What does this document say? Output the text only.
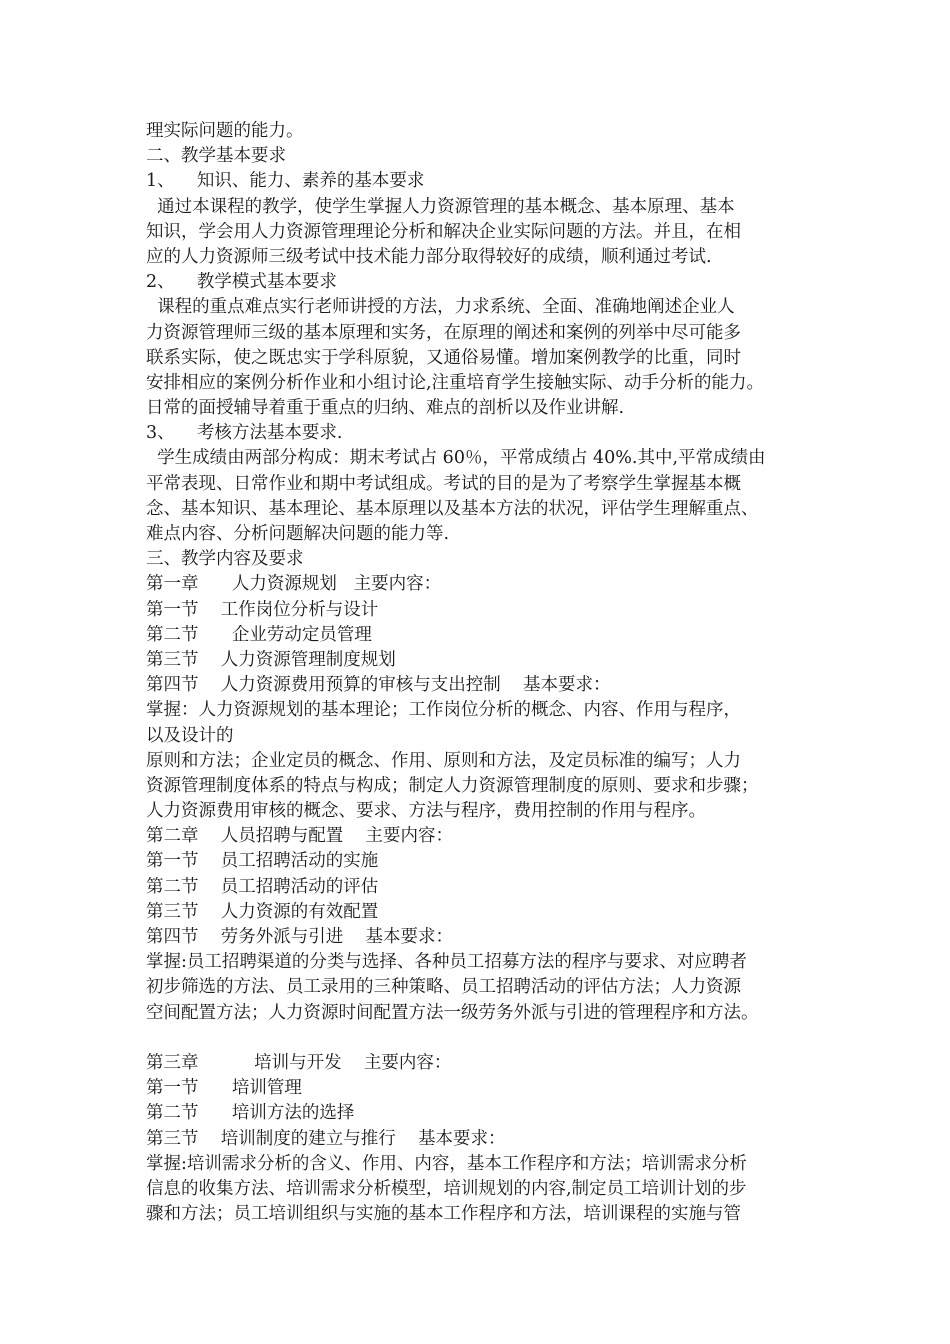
理实际问题的能力。
二、教学基本要求
1、    知识、能力、素养的基本要求
通过本课程的教学，使学生掌握人力资源管理的基本概念、基本原理、基本
知识，学会用人力资源管理理论分析和解决企业实际问题的方法。并且，在相
应的人力资源师三级考试中技术能力部分取得较好的成绩，顺利通过考试.
2、    教学模式基本要求
课程的重点难点实行老师讲授的方法，力求系统、全面、准确地阐述企业人
力资源管理师三级的基本原理和实务，在原理的阐述和案例的列举中尽可能多
联系实际，使之既忠实于学科原貌，又通俗易懂。增加案例教学的比重，同时
安排相应的案例分析作业和小组讨论,注重培育学生接触实际、动手分析的能力。
日常的面授辅导着重于重点的归纳、难点的剖析以及作业讲解.
3、    考核方法基本要求.
学生成绩由两部分构成：期末考试占 60％，平常成绩占 40%.其中,平常成绩由
平常表现、日常作业和期中考试组成。考试的目的是为了考察学生掌握基本概
念、基本知识、基本理论、基本原理以及基本方法的状况，评估学生理解重点、
难点内容、分析问题解决问题的能力等.
三、教学内容及要求
第一章      人力资源规划   主要内容：
第一节    工作岗位分析与设计
第二节      企业劳动定员管理
第三节    人力资源管理制度规划
第四节    人力资源费用预算的审核与支出控制    基本要求：
掌握：人力资源规划的基本理论；工作岗位分析的概念、内容、作用与程序，
以及设计的
原则和方法；企业定员的概念、作用、原则和方法，及定员标准的编写；人力
资源管理制度体系的特点与构成；制定人力资源管理制度的原则、要求和步骤；
人力资源费用审核的概念、要求、方法与程序，费用控制的作用与程序。
第二章    人员招聘与配置    主要内容：
第一节    员工招聘活动的实施
第二节    员工招聘活动的评估
第三节    人力资源的有效配置
第四节    劳务外派与引进    基本要求：
掌握:员工招聘渠道的分类与选择、各种员工招募方法的程序与要求、对应聘者
初步筛选的方法、员工录用的三种策略、员工招聘活动的评估方法；人力资源
空间配置方法；人力资源时间配置方法一级劳务外派与引进的管理程序和方法。
第三章          培训与开发    主要内容：
第一节      培训管理
第二节      培训方法的选择
第三节    培训制度的建立与推行    基本要求：
掌握:培训需求分析的含义、作用、内容，基本工作程序和方法；培训需求分析
信息的收集方法、培训需求分析模型，培训规划的内容,制定员工培训计划的步
骤和方法；员工培训组织与实施的基本工作程序和方法，培训课程的实施与管
